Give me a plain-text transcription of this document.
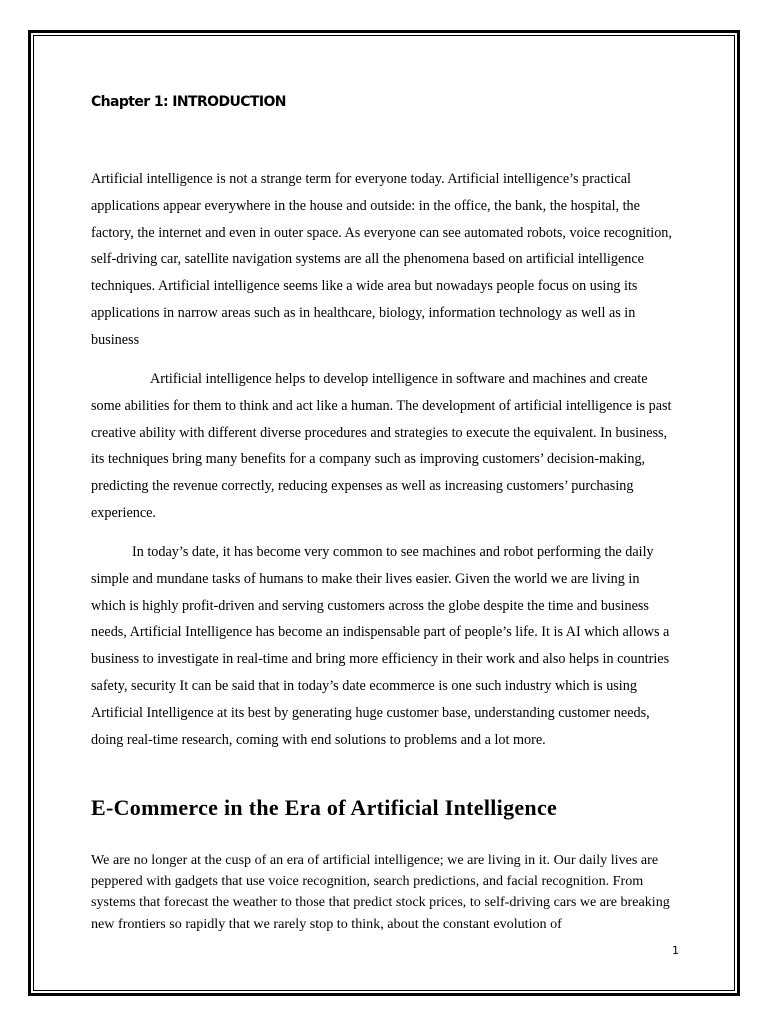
Chapter 1: INTRODUCTION

Artificial intelligence is not a strange term for everyone today. Artificial intelligence’s practical applications appear everywhere in the house and outside: in the office, the bank, the hospital, the factory, the internet and even in outer space. As everyone can see automated robots, voice recognition, self-driving car, satellite navigation systems are all the phenomena based on artificial intelligence techniques. Artificial intelligence seems like a wide area but nowadays people focus on using its applications in narrow areas such as in healthcare, biology, information technology as well as in business

Artificial intelligence helps to develop intelligence in software and machines and create some abilities for them to think and act like a human. The development of artificial intelligence is past creative ability with different diverse procedures and strategies to execute the equivalent. In business, its techniques bring many benefits for a company such as improving customers’ decision-making, predicting the revenue correctly, reducing expenses as well as increasing customers’ purchasing experience.

In today’s date, it has become very common to see machines and robot performing the daily simple and mundane tasks of humans to make their lives easier. Given the world we are living in which is highly profit-driven and serving customers across the globe despite the time and business needs, Artificial Intelligence has become an indispensable part of people’s life. It is AI which allows a business to investigate in real-time and bring more efficiency in their work and also helps in countries safety, security It can be said that in today’s date ecommerce is one such industry which is using Artificial Intelligence at its best by generating huge customer base, understanding customer needs, doing real-time research, coming with end solutions to problems and a lot more.

E-Commerce in the Era of Artificial Intelligence

We are no longer at the cusp of an era of artificial intelligence; we are living in it. Our daily lives are peppered with gadgets that use voice recognition, search predictions, and facial recognition. From systems that forecast the weather to those that predict stock prices, to self-driving cars we are breaking new frontiers so rapidly that we rarely stop to think, about the constant evolution of

1
